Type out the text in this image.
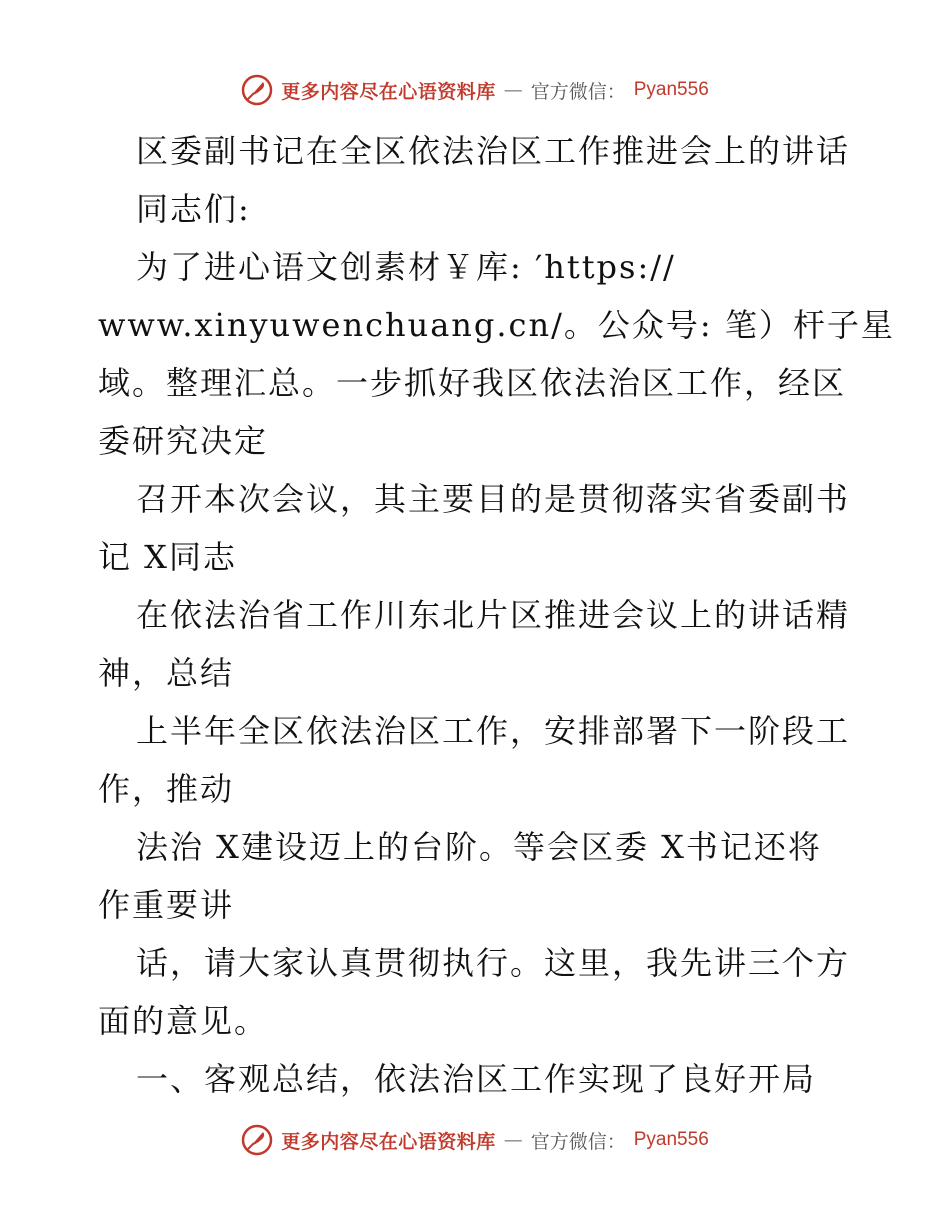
更多内容尽在心语资料库 — 官方微信： Pyan556

区委副书记在全区依法治区工作推进会上的讲话

同志们:

为了进心语文创素材￥库: ′https://

www.xinyuwenchuang.cn/。公众号: 笔）杆子星

域。整理汇总。一步抓好我区依法治区工作，经区

委研究决定

召开本次会议，其主要目的是贯彻落实省委副书

记 X同志

在依法治省工作川东北片区推进会议上的讲话精

神，总结

上半年全区依法治区工作，安排部署下一阶段工

作，推动

法治 X建设迈上的台阶。等会区委 X书记还将

作重要讲

话，请大家认真贯彻执行。这里，我先讲三个方

面的意见。

一、客观总结，依法治区工作实现了良好开局

更多内容尽在心语资料库 — 官方微信： Pyan556
